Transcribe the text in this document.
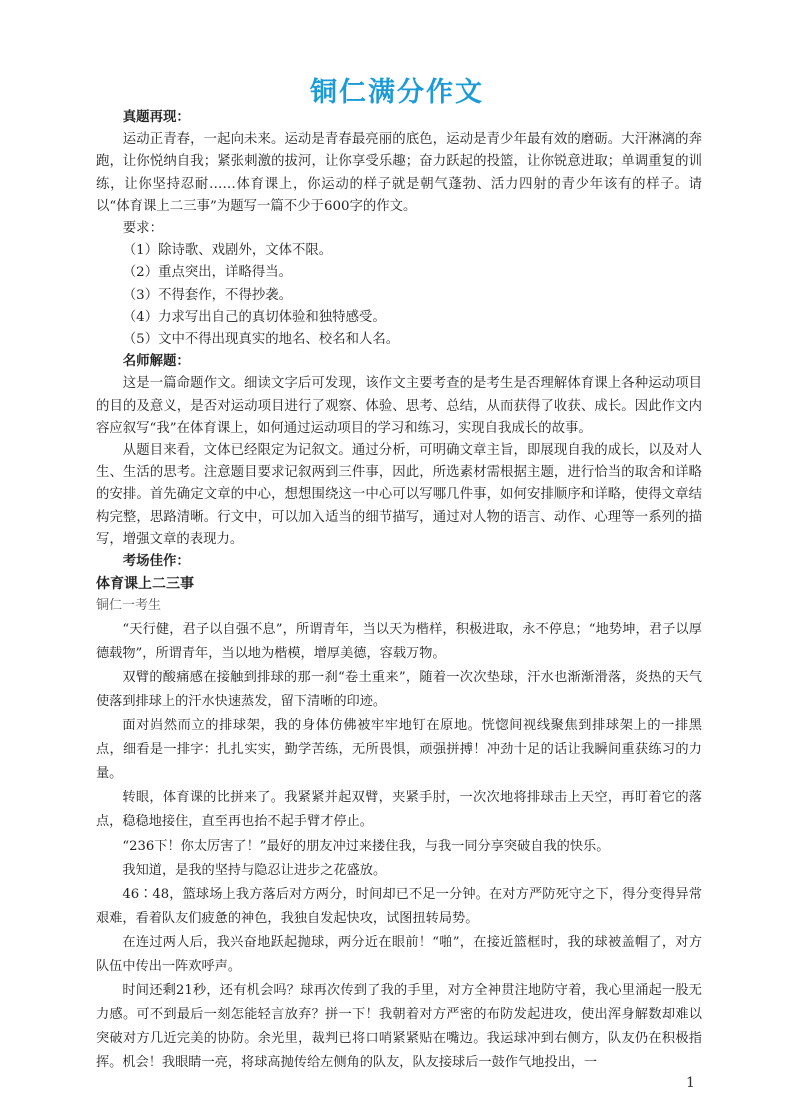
铜仁满分作文

真题再现：

运动正青春，一起向未来。运动是青春最亮丽的底色，运动是青少年最有效的磨砺。大汗淋漓的奔跑，让你悦纳自我；紧张刺激的拔河，让你享受乐趣；奋力跃起的投篮，让你锐意进取；单调重复的训练，让你坚持忍耐……体育课上，你运动的样子就是朝气蓬勃、活力四射的青少年该有的样子。请以“体育课上二三事”为题写一篇不少于600字的作文。

要求：

（1）除诗歌、戏剧外，文体不限。

（2）重点突出，详略得当。

（3）不得套作，不得抄袭。

（4）力求写出自己的真切体验和独特感受。

（5）文中不得出现真实的地名、校名和人名。

名师解题：

这是一篇命题作文。细读文字后可发现，该作文主要考查的是考生是否理解体育课上各种运动项目的目的及意义，是否对运动项目进行了观察、体验、思考、总结，从而获得了收获、成长。因此作文内容应叙写“我”在体育课上，如何通过运动项目的学习和练习，实现自我成长的故事。

从题目来看，文体已经限定为记叙文。通过分析，可明确文章主旨，即展现自我的成长，以及对人生、生活的思考。注意题目要求记叙两到三件事，因此，所选素材需根据主题，进行恰当的取舍和详略的安排。首先确定文章的中心，想想围绕这一中心可以写哪几件事，如何安排顺序和详略，使得文章结构完整，思路清晰。行文中，可以加入适当的细节描写，通过对人物的语言、动作、心理等一系列的描写，增强文章的表现力。

考场佳作：

体育课上二三事

铜仁一考生

“天行健，君子以自强不息”，所谓青年，当以天为楷样，积极进取，永不停息；“地势坤，君子以厚德载物”，所谓青年，当以地为楷模，增厚美德，容载万物。

双臂的酸痛感在接触到排球的那一刹“卷土重来”，随着一次次垫球，汗水也渐渐滑落，炎热的天气使落到排球上的汗水快速蒸发，留下清晰的印迹。

面对岿然而立的排球架，我的身体仿佛被牢牢地钉在原地。恍惚间视线聚焦到排球架上的一排黑点，细看是一排字：扎扎实实，勤学苦练，无所畏惧，顽强拼搏！冲劲十足的话让我瞬间重获练习的力量。

转眼，体育课的比拼来了。我紧紧并起双臂，夹紧手肘，一次次地将排球击上天空，再盯着它的落点，稳稳地接住，直至再也抬不起手臂才停止。

“236下！你太厉害了！”最好的朋友冲过来搂住我，与我一同分享突破自我的快乐。

我知道，是我的坚持与隐忍让进步之花盛放。

46∶48，篮球场上我方落后对方两分，时间却已不足一分钟。在对方严防死守之下，得分变得异常艰难，看着队友们疲惫的神色，我独自发起快攻，试图扭转局势。

在连过两人后，我兴奋地跃起抛球，两分近在眼前！“啪”，在接近篮框时，我的球被盖帽了，对方队伍中传出一阵欢呼声。

时间还剩21秒，还有机会吗？球再次传到了我的手里，对方全神贯注地防守着，我心里涌起一股无力感。可不到最后一刻怎能轻言放弃？拼一下！我朝着对方严密的布防发起进攻，使出浑身解数却难以突破对方几近完美的协防。余光里，裁判已将口哨紧紧贴在嘴边。我运球冲到右侧方，队友仍在积极指挥。机会！我眼睛一亮，将球高抛传给左侧角的队友，队友接球后一鼓作气地投出，一

1
